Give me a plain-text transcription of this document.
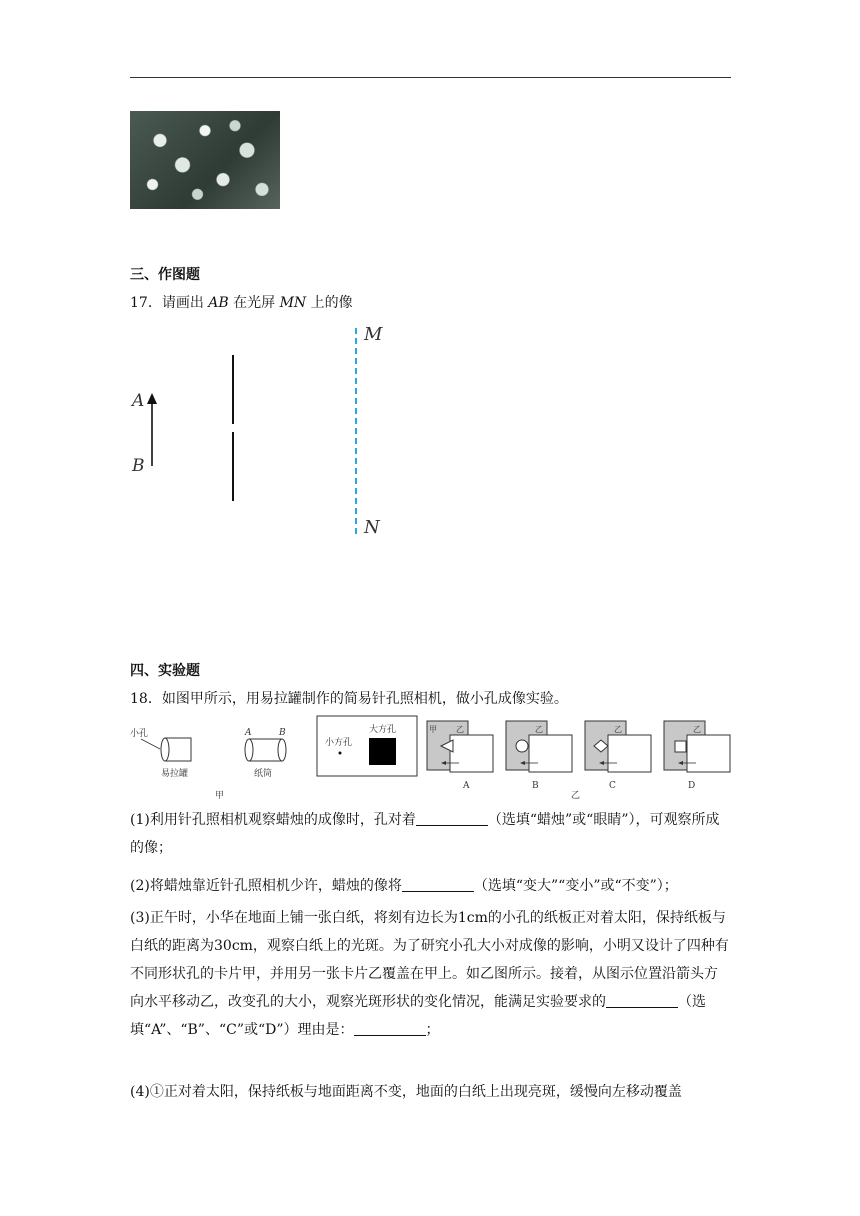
三、作图题
17．请画出 AB 在光屏 MN 上的像
M
N
A
B
四、实验题
18．如图甲所示，用易拉罐制作的简易针孔照相机，做小孔成像实验。
小孔
易拉罐
A	B
纸筒
小方孔
大方孔	甲 乙	乙	乙	乙
A	B	C	D
甲	乙
(1)利用针孔照相机观察蜡烛的成像时，孔对着	（选填“蜡烛”或“眼睛”），可观察所成的像；
(2)将蜡烛靠近针孔照相机少许，蜡烛的像将	（选填“变大”“变小”或“不变”）；
(3)正午时，小华在地面上铺一张白纸，将刻有边长为1cm的小孔的纸板正对着太阳，保持纸板与白纸的距离为30cm，观察白纸上的光斑。为了研究小孔大小对成像的影响，小明又设计了四种有不同形状孔的卡片甲，并用另一张卡片乙覆盖在甲上。如乙图所示。接着，从图示位置沿箭头方向水平移动乙，改变孔的大小，观察光斑形状的变化情况，能满足实验要求的	（选填“A”、“B”、“C”或“D”）理由是：	；
(4)①正对着太阳，保持纸板与地面距离不变，地面的白纸上出现亮斑，缓慢向左移动覆盖
